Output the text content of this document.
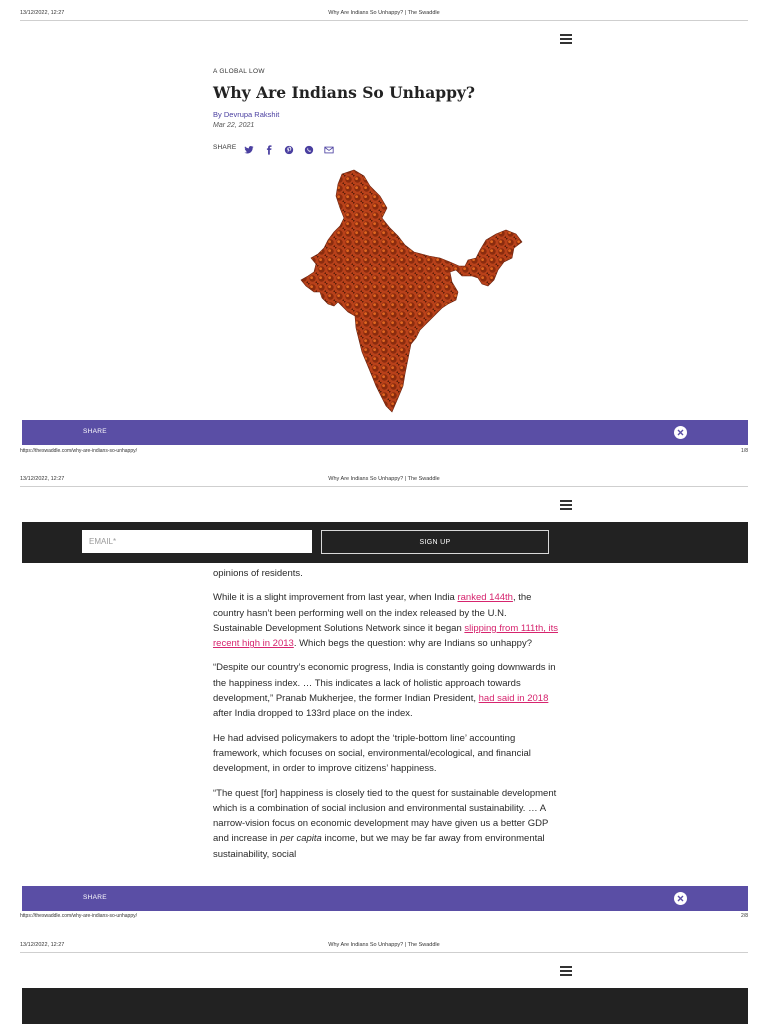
13/12/2022, 12:27	Why Are Indians So Unhappy? | The Swaddle
A GLOBAL LOW
Why Are Indians So Unhappy?
By Devrupa Rakshit
Mar 22, 2021
SHARE
SHARE
https://theswaddle.com/why-are-indians-so-unhappy/	1/8
13/12/2022, 12:27	Why Are Indians So Unhappy? | The Swaddle
EMAIL*
SIGN UP

opinions of residents.

While it is a slight improvement from last year, when India ranked 144th, the country hasn’t been performing well on the index released by the U.N. Sustainable Development Solutions Network since it began slipping from 111th, its recent high in 2013. Which begs the question: why are Indians so unhappy?

“Despite our country’s economic progress, India is constantly going downwards in the happiness index. … This indicates a lack of holistic approach towards development,” Pranab Mukherjee, the former Indian President, had said in 2018 after India dropped to 133rd place on the index.

He had advised policymakers to adopt the ‘triple-bottom line’ accounting framework, which focuses on social, environmental/ecological, and financial development, in order to improve citizens’ happiness.

“The quest [for] happiness is closely tied to the quest for sustainable development which is a combination of social inclusion and environmental sustainability. … A narrow-vision focus on economic development may have given us a better GDP and increase in per capita income, but we may be far away from environmental sustainability, social

SHARE
https://theswaddle.com/why-are-indians-so-unhappy/	2/8
13/12/2022, 12:27	Why Are Indians So Unhappy? | The Swaddle
